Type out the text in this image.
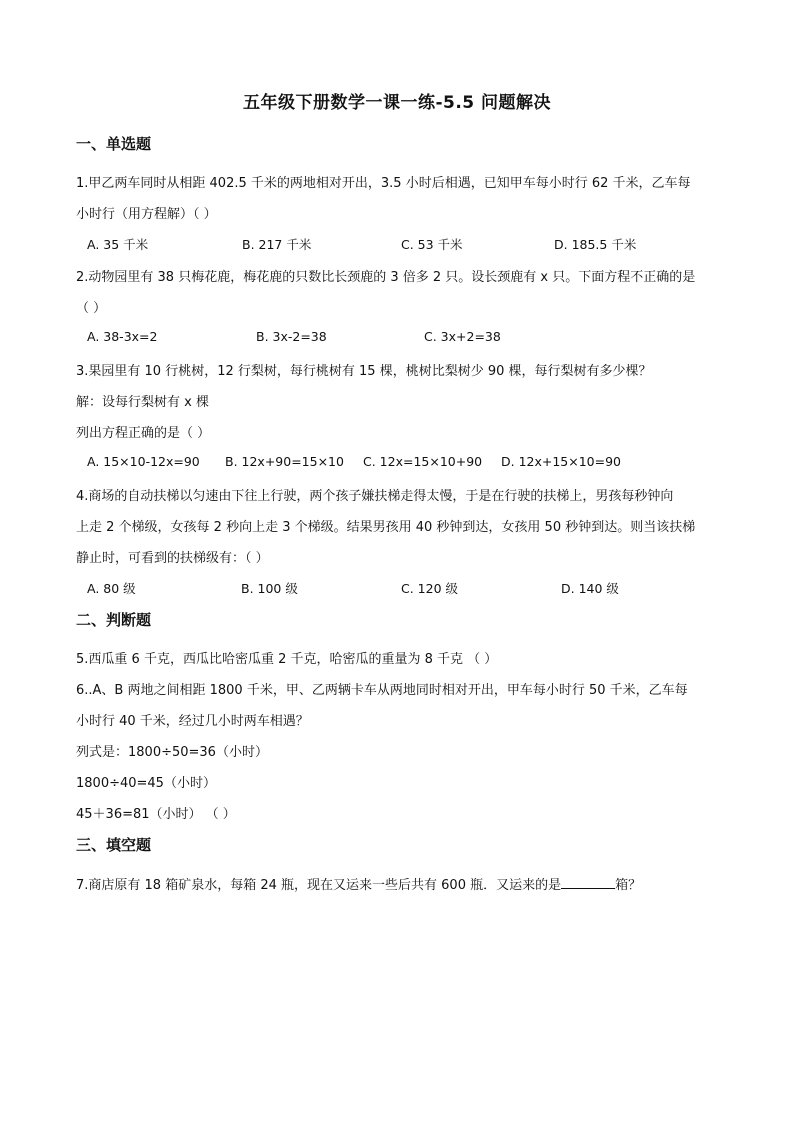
五年级下册数学一课一练-5.5 问题解决
一、单选题
1.甲乙两车同时从相距 402.5 千米的两地相对开出，3.5 小时后相遇，已知甲车每小时行 62 千米，乙车每
小时行（用方程解）（ ）
A. 35 千米	B. 217 千米	C. 53 千米	D. 185.5 千米
2.动物园里有 38 只梅花鹿，梅花鹿的只数比长颈鹿的 3 倍多 2 只。设长颈鹿有 x 只。下面方程不正确的是
（ ）
A. 38-3x=2	B. 3x-2=38	C. 3x+2=38
3.果园里有 10 行桃树，12 行梨树，每行桃树有 15 棵，桃树比梨树少 90 棵，每行梨树有多少棵？
解：设每行梨树有 x 棵
列出方程正确的是（ ）
A. 15×10-12x=90 B. 12x+90=15×10 C. 12x=15×10+90 D. 12x+15×10=90
4.商场的自动扶梯以匀速由下往上行驶，两个孩子嫌扶梯走得太慢，于是在行驶的扶梯上，男孩每秒钟向
上走 2 个梯级，女孩每 2 秒向上走 3 个梯级。结果男孩用 40 秒钟到达，女孩用 50 秒钟到达。则当该扶梯
静止时，可看到的扶梯级有：（ ）
A. 80 级	B. 100 级	C. 120 级	D. 140 级
二、判断题
5.西瓜重 6 千克，西瓜比哈密瓜重 2 千克，哈密瓜的重量为 8 千克 （ ）
6..A、B 两地之间相距 1800 千米，甲、乙两辆卡车从两地同时相对开出，甲车每小时行 50 千米，乙车每
小时行 40 千米，经过几小时两车相遇？
列式是：1800÷50=36（小时）
1800÷40=45（小时）
45＋36=81（小时） （ ）
三、填空题
7.商店原有 18 箱矿泉水，每箱 24 瓶，现在又运来一些后共有 600 瓶．又运来的是	箱？
